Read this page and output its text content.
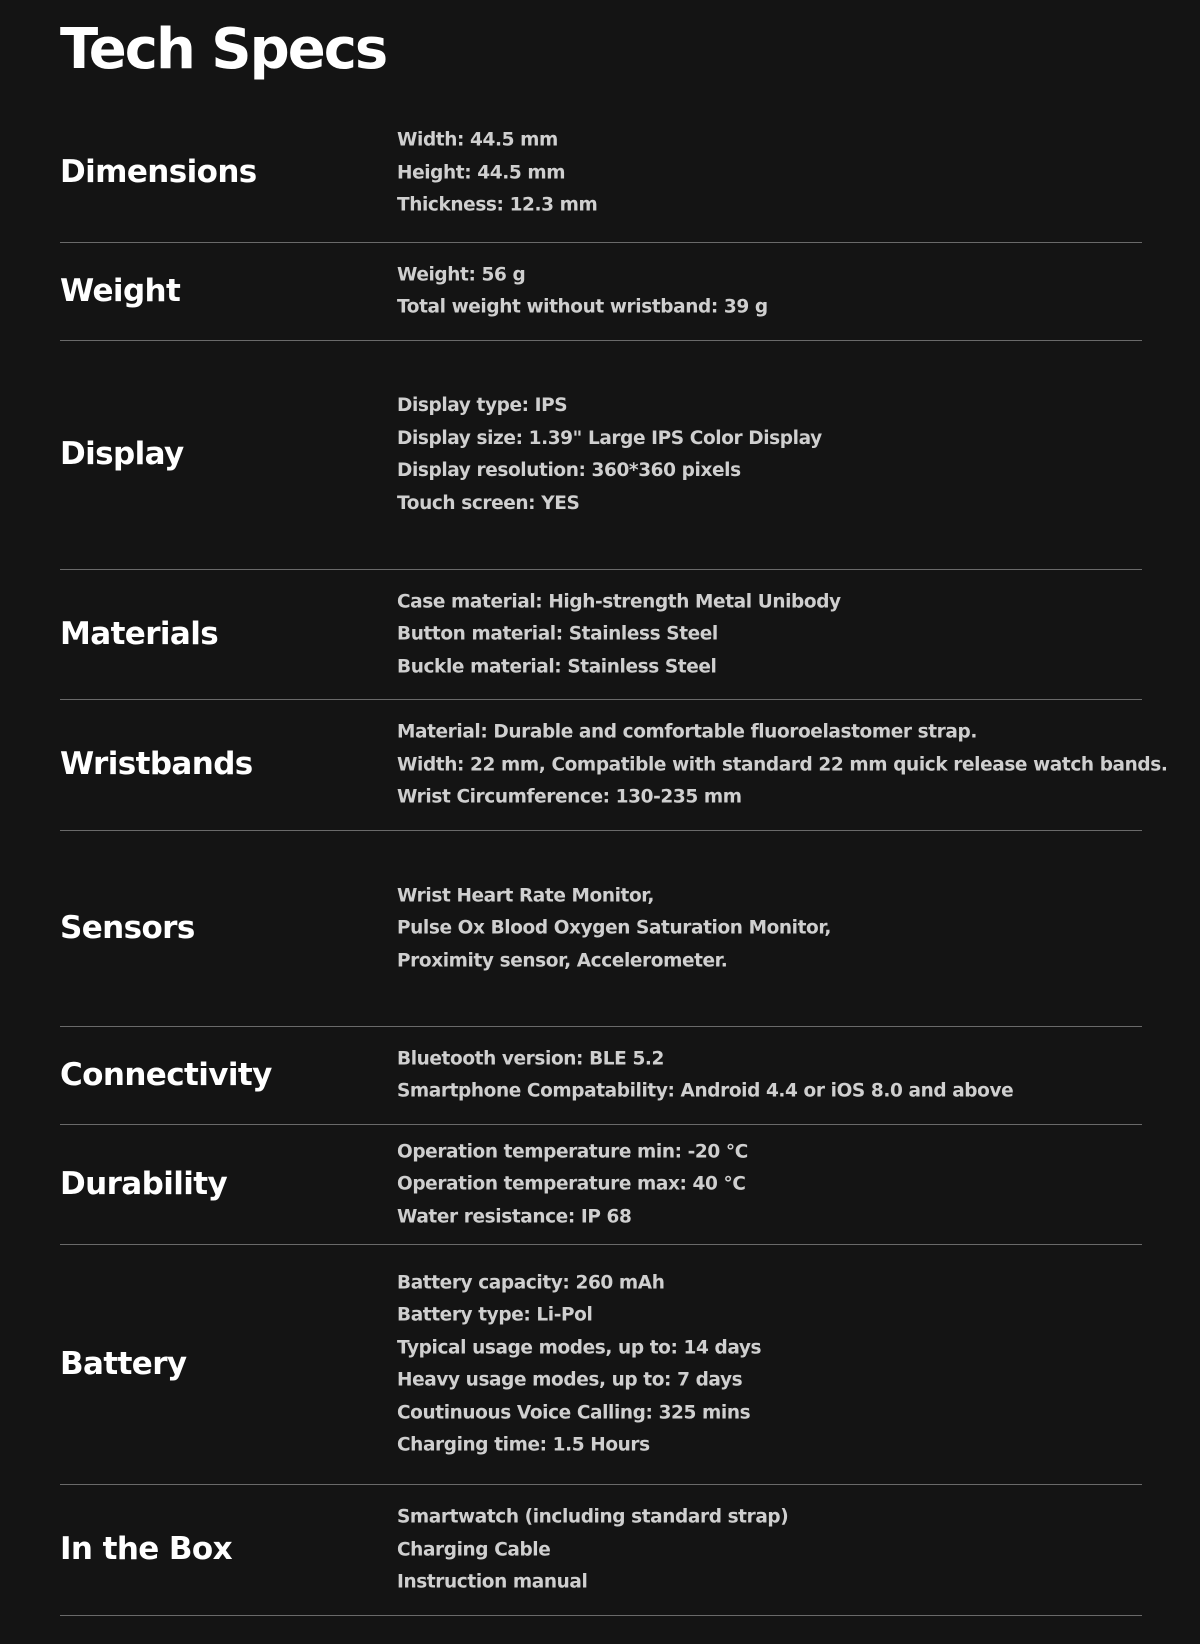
Tech Specs
Dimensions
Width: 44.5 mm
Height: 44.5 mm
Thickness: 12.3 mm
Weight	Weight: 56 g
Total weight without wristband: 39 g
Display
Display type: IPS
Display size: 1.39" Large IPS Color Display
Display resolution: 360*360 pixels
Touch screen: YES
Materials
Case material: High-strength Metal Unibody
Button material: Stainless Steel
Buckle material: Stainless Steel
Wristbands
Material: Durable and comfortable fluoroelastomer strap.
Width: 22 mm, Compatible with standard 22 mm quick release watch bands.
Wrist Circumference: 130-235 mm
Sensors
Wrist Heart Rate Monitor,
Pulse Ox Blood Oxygen Saturation Monitor,
Proximity sensor, Accelerometer.
Connectivity	Bluetooth version: BLE 5.2
Smartphone Compatability: Android 4.4 or iOS 8.0 and above
Durability
Operation temperature min: -20 ℃
Operation temperature max: 40 ℃
Water resistance: IP 68
Battery
Battery capacity: 260 mAh
Battery type: Li-Pol
Typical usage modes, up to: 14 days
Heavy usage modes, up to: 7 days
Coutinuous Voice Calling: 325 mins
Charging time: 1.5 Hours
In the Box
Smartwatch (including standard strap)
Charging Cable
Instruction manual
